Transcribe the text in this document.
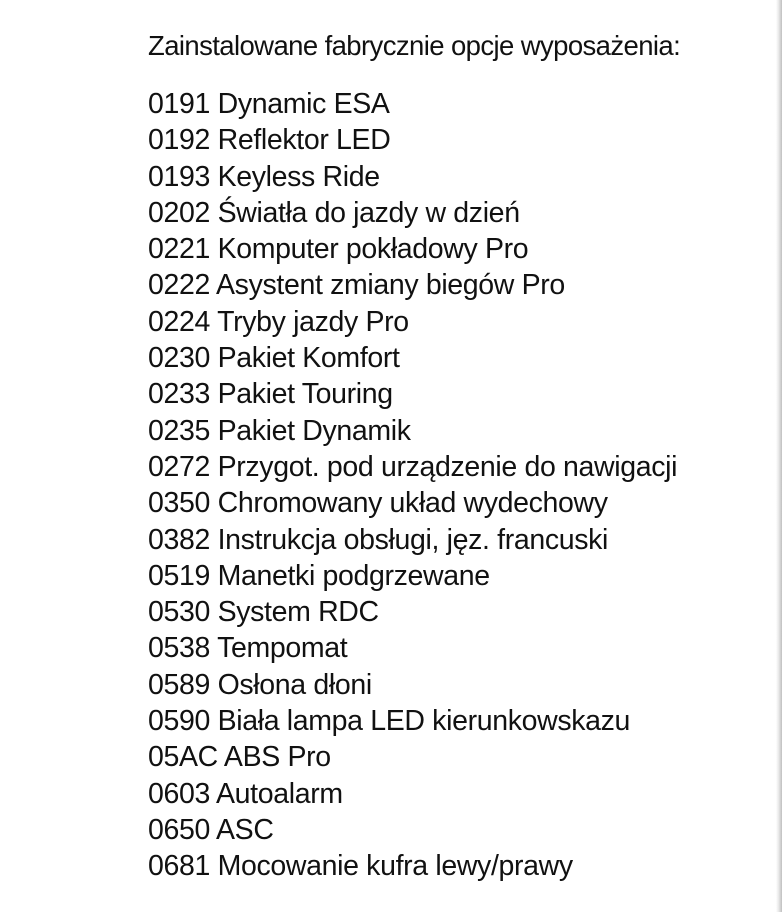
Zainstalowane fabrycznie opcje wyposażenia:
0191 Dynamic ESA
0192 Reflektor LED
0193 Keyless Ride
0202 Światła do jazdy w dzień
0221 Komputer pokładowy Pro
0222 Asystent zmiany biegów Pro
0224 Tryby jazdy Pro
0230 Pakiet Komfort
0233 Pakiet Touring
0235 Pakiet Dynamik
0272 Przygot. pod urządzenie do nawigacji
0350 Chromowany układ wydechowy
0382 Instrukcja obsługi, jęz. francuski
0519 Manetki podgrzewane
0530 System RDC
0538 Tempomat
0589 Osłona dłoni
0590 Biała lampa LED kierunkowskazu
05AC ABS Pro
0603 Autoalarm
0650 ASC
0681 Mocowanie kufra lewy/prawy
